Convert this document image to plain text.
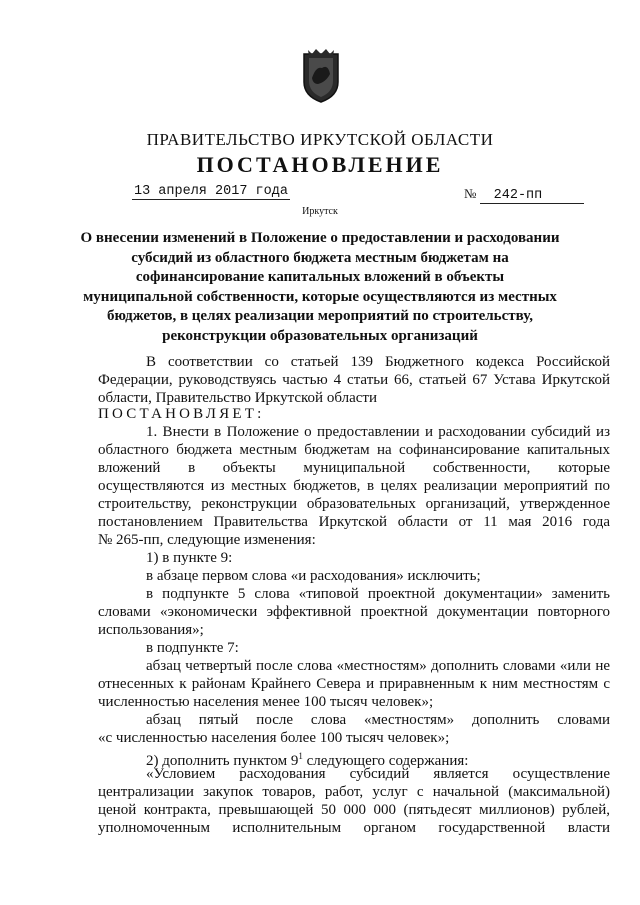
ПРАВИТЕЛЬСТВО ИРКУТСКОЙ ОБЛАСТИ
ПОСТАНОВЛЕНИЕ
13 апреля 2017 года	№ 242-пп
Иркутск
О внесении изменений в Положение о предоставлении и расходовании субсидий из областного бюджета местным бюджетам на софинансирование капитальных вложений в объекты муниципальной собственности, которые осуществляются из местных бюджетов, в целях реализации мероприятий по строительству, реконструкции образовательных организаций
В соответствии со статьей 139 Бюджетного кодекса Российской
Федерации, руководствуясь частью 4 статьи 66, статьей 67 Устава Иркутской
области, Правительство Иркутской области
ПОСТАНОВЛЯЕТ:
1. Внести в Положение о предоставлении и расходовании субсидий из
областного бюджета местным бюджетам на софинансирование капитальных
вложений в объекты муниципальной собственности, которые
осуществляются из местных бюджетов, в целях реализации мероприятий по
строительству, реконструкции образовательных организаций, утвержденное
постановлением Правительства Иркутской области от 11 мая 2016 года
№ 265-пп, следующие изменения:
1) в пункте 9:
в абзаце первом слова «и расходования» исключить;
в подпункте 5 слова «типовой проектной документации» заменить
словами «экономически эффективной проектной документации повторного
использования»;
в подпункте 7:
абзац четвертый после слова «местностям» дополнить словами «или не
отнесенных к районам Крайнего Севера и приравненным к ним местностям с
численностью населения менее 100 тысяч человек»;
абзац пятый после слова «местностям» дополнить словами
«с численностью населения более 100 тысяч человек»;
2) дополнить пунктом $9^1$ следующего содержания:
«Условием расходования субсидий является осуществление
централизации закупок товаров, работ, услуг с начальной (максимальной)
ценой контракта, превышающей 50 000 000 (пятьдесят миллионов) рублей,
уполномоченным исполнительным органом государственной власти
